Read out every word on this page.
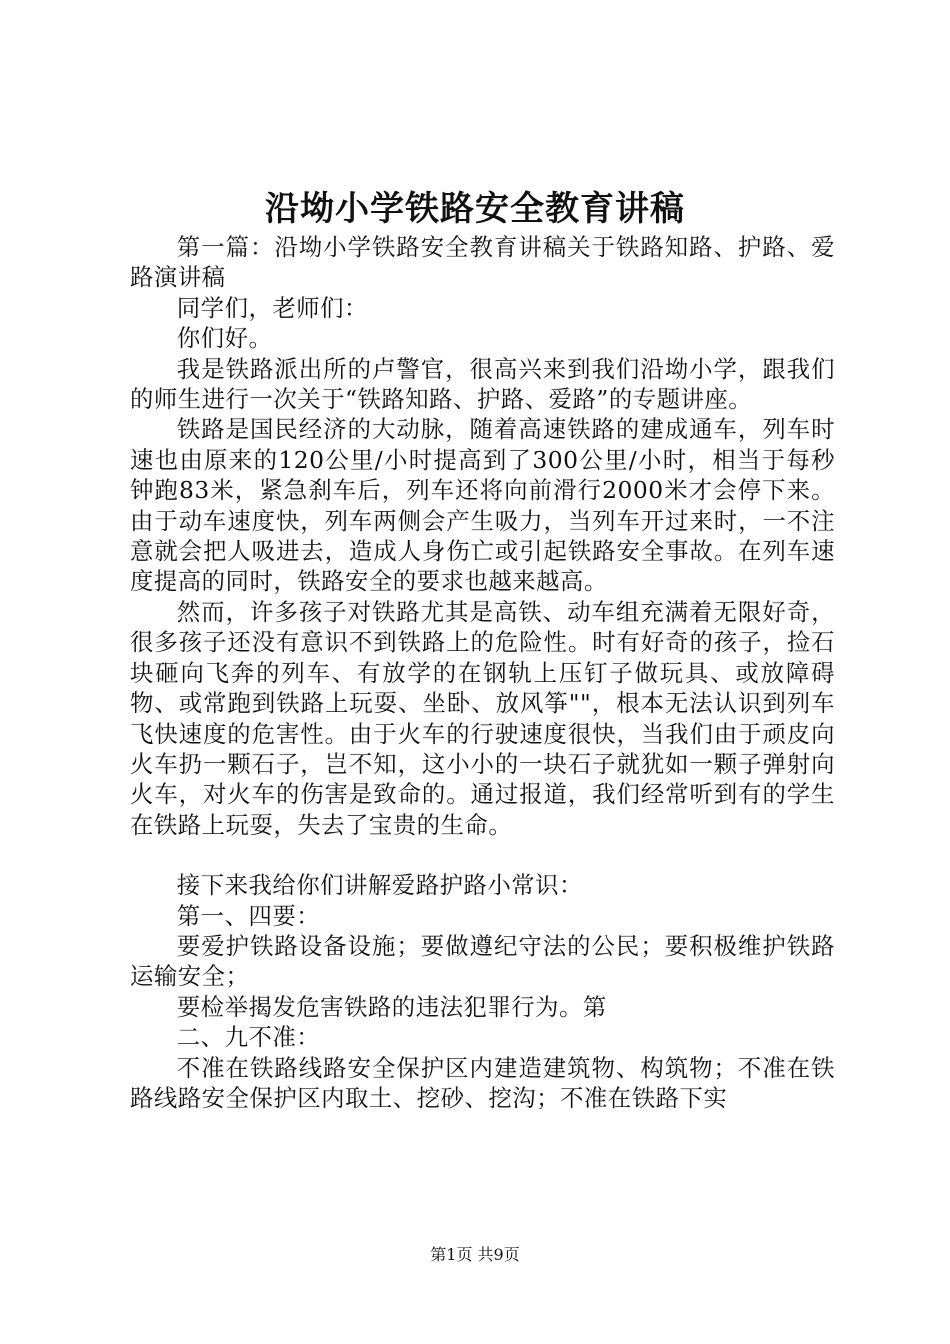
沿坳小学铁路安全教育讲稿

第一篇：沿坳小学铁路安全教育讲稿关于铁路知路、护路、爱路演讲稿

同学们，老师们：

你们好。

我是铁路派出所的卢警官，很高兴来到我们沿坳小学，跟我们的师生进行一次关于“铁路知路、护路、爱路”的专题讲座。

铁路是国民经济的大动脉，随着高速铁路的建成通车，列车时速也由原来的120公里/小时提高到了300公里/小时，相当于每秒钟跑83米，紧急刹车后，列车还将向前滑行2000米才会停下来。由于动车速度快，列车两侧会产生吸力，当列车开过来时，一不注意就会把人吸进去，造成人身伤亡或引起铁路安全事故。在列车速度提高的同时，铁路安全的要求也越来越高。

然而，许多孩子对铁路尤其是高铁、动车组充满着无限好奇，很多孩子还没有意识不到铁路上的危险性。时有好奇的孩子，捡石块砸向飞奔的列车、有放学的在钢轨上压钉子做玩具、或放障碍物、或常跑到铁路上玩耍、坐卧、放风筝""，根本无法认识到列车飞快速度的危害性。由于火车的行驶速度很快，当我们由于顽皮向火车扔一颗石子，岂不知，这小小的一块石子就犹如一颗子弹射向火车，对火车的伤害是致命的。通过报道，我们经常听到有的学生在铁路上玩耍，失去了宝贵的生命。

接下来我给你们讲解爱路护路小常识：

第一、四要：

要爱护铁路设备设施；要做遵纪守法的公民；要积极维护铁路运输安全；

要检举揭发危害铁路的违法犯罪行为。第

二、九不准：

不准在铁路线路安全保护区内建造建筑物、构筑物；不准在铁路线路安全保护区内取土、挖砂、挖沟；不准在铁路下实

第1页 共9页
